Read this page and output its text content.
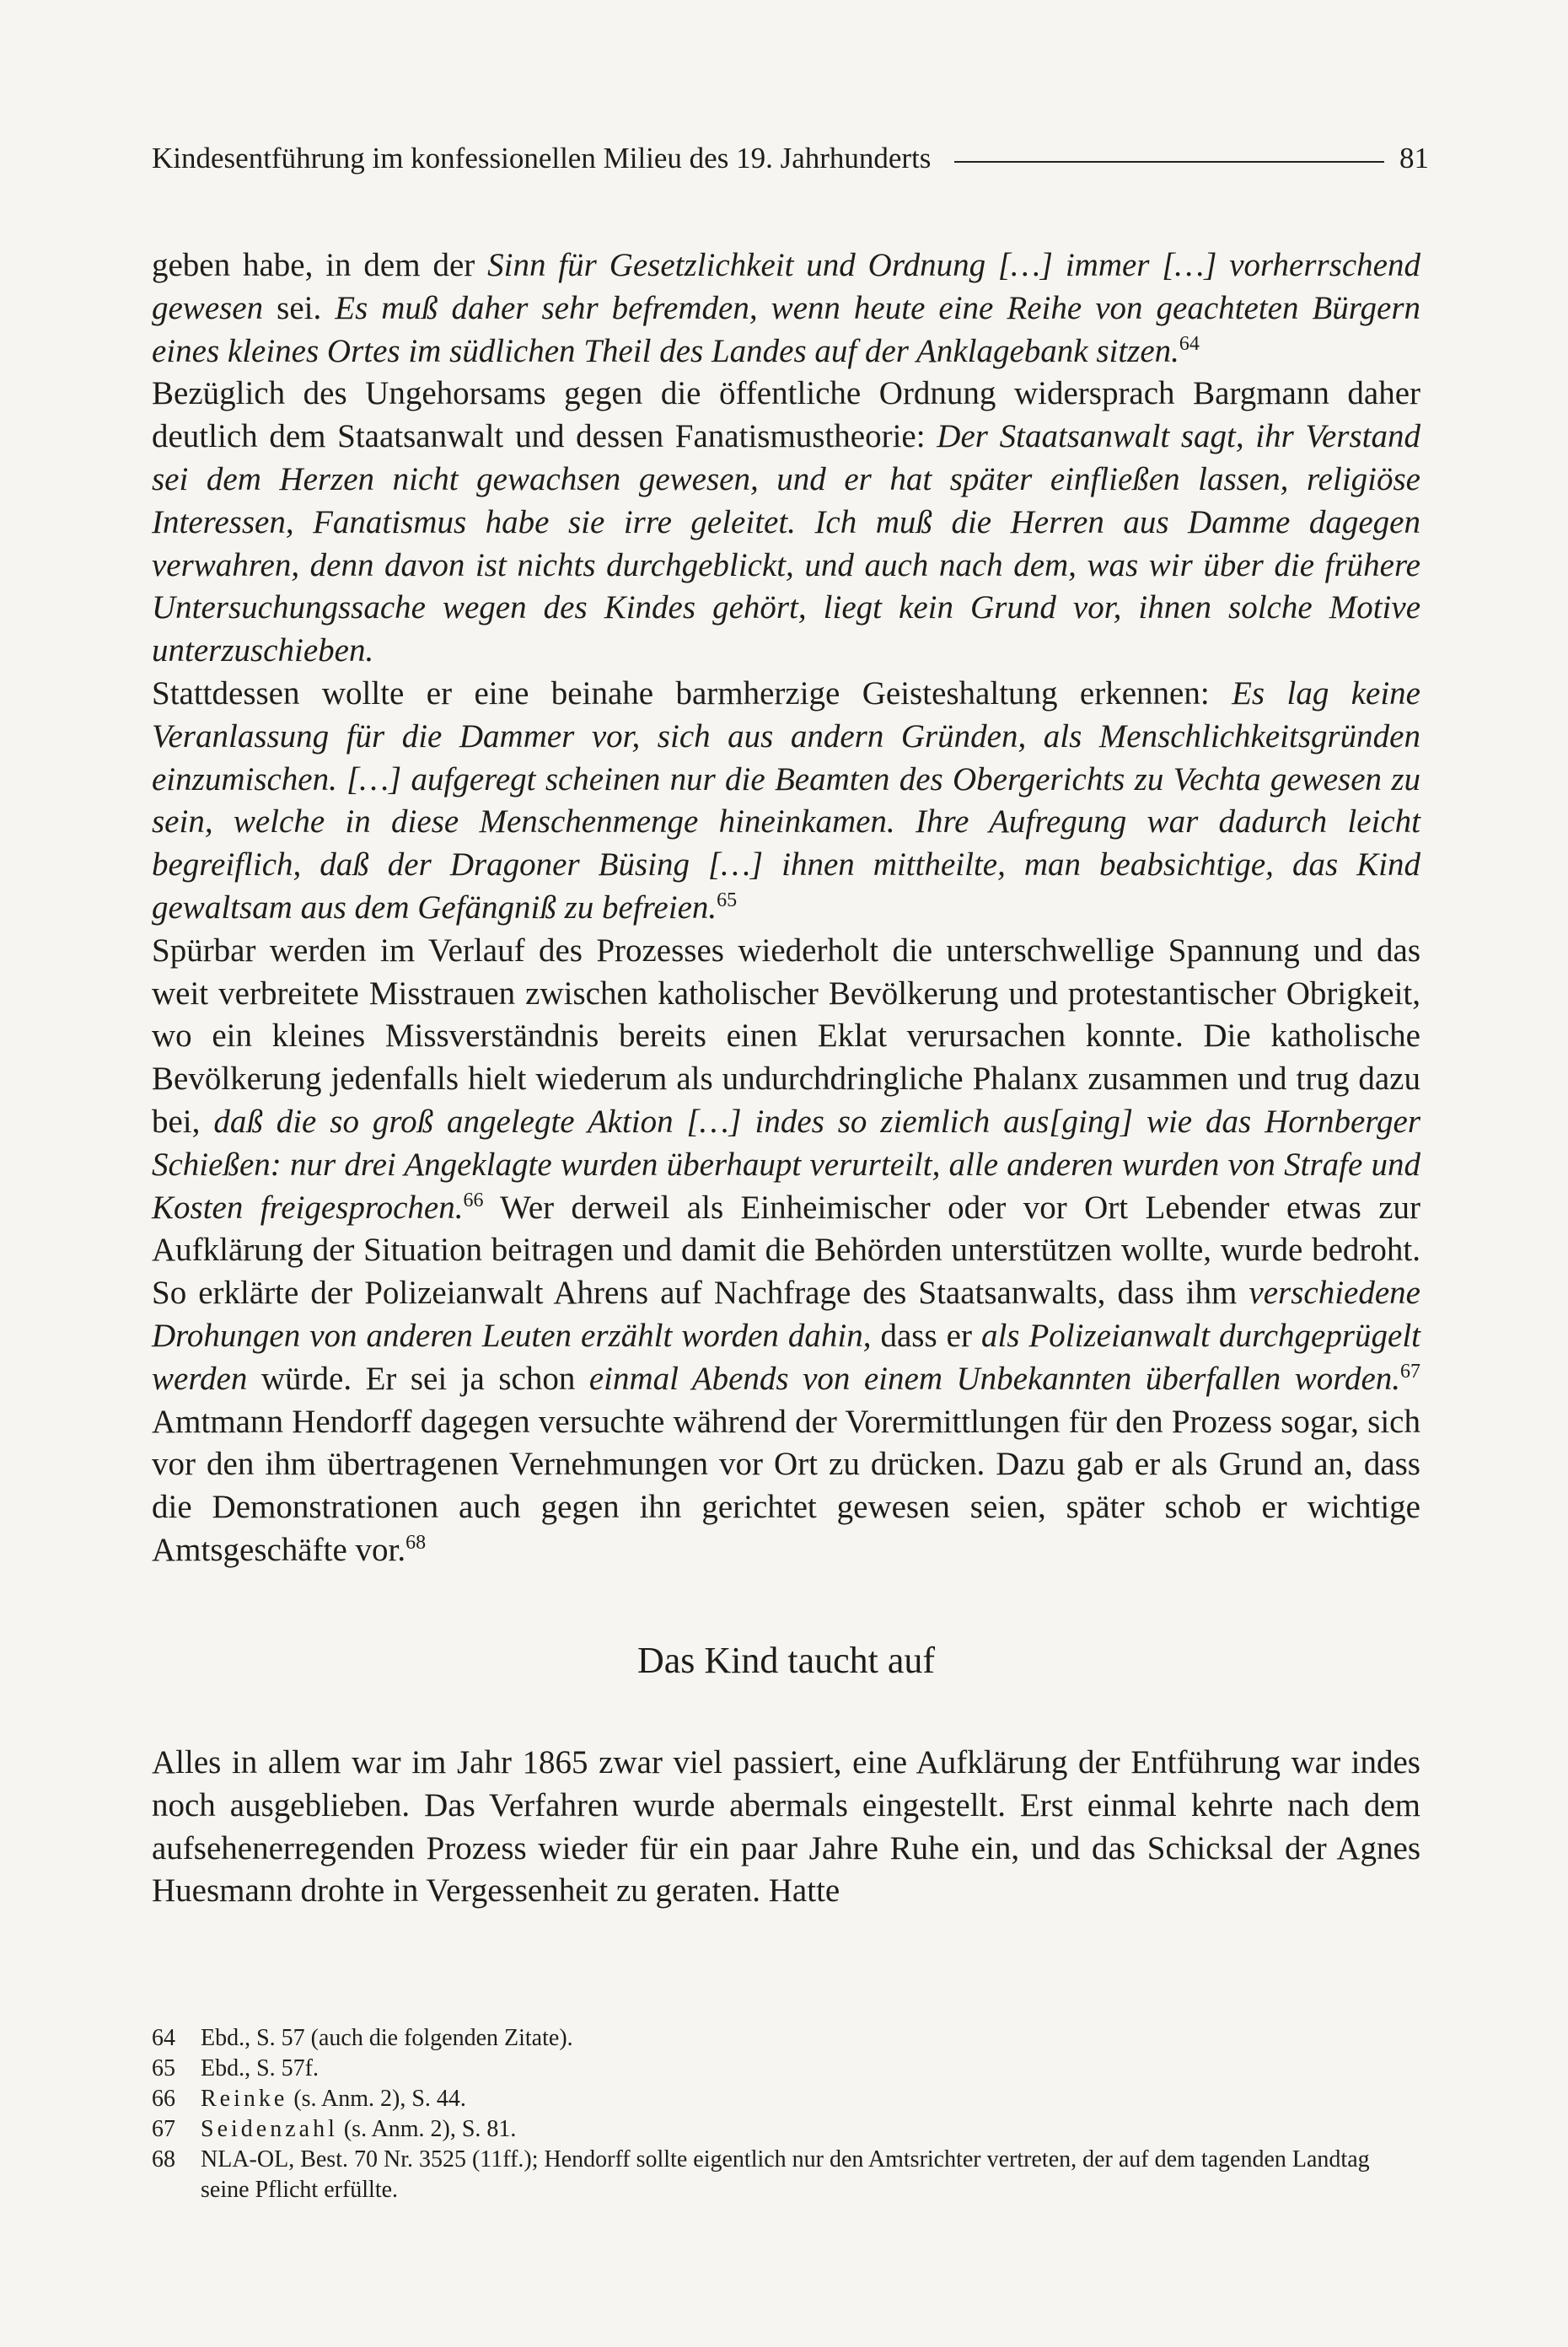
Kindesentführung im konfessionellen Milieu des 19. Jahrhunderts	81

geben habe, in dem der Sinn für Gesetzlichkeit und Ordnung […] immer […] vorherrschend gewesen sei. Es muß daher sehr befremden, wenn heute eine Reihe von geachteten Bürgern eines kleines Ortes im südlichen Theil des Landes auf der Anklagebank sitzen.$^{64}$

Bezüglich des Ungehorsams gegen die öffentliche Ordnung widersprach Bargmann daher deutlich dem Staatsanwalt und dessen Fanatismustheorie: Der Staatsanwalt sagt, ihr Verstand sei dem Herzen nicht gewachsen gewesen, und er hat später einfließen lassen, religiöse Interessen, Fanatismus habe sie irre geleitet. Ich muß die Herren aus Damme dagegen verwahren, denn davon ist nichts durchgeblickt, und auch nach dem, was wir über die frühere Untersuchungssache wegen des Kindes gehört, liegt kein Grund vor, ihnen solche Motive unterzuschieben.

Stattdessen wollte er eine beinahe barmherzige Geisteshaltung erkennen: Es lag keine Veranlassung für die Dammer vor, sich aus andern Gründen, als Menschlichkeitsgründen einzumischen. […] aufgeregt scheinen nur die Beamten des Obergerichts zu Vechta gewesen zu sein, welche in diese Menschenmenge hineinkamen. Ihre Aufregung war dadurch leicht begreiflich, daß der Dragoner Büsing […] ihnen mittheilte, man beabsichtige, das Kind gewaltsam aus dem Gefängniß zu befreien.$^{65}$

Spürbar werden im Verlauf des Prozesses wiederholt die unterschwellige Spannung und das weit verbreitete Misstrauen zwischen katholischer Bevölkerung und protestantischer Obrigkeit, wo ein kleines Missverständnis bereits einen Eklat verursachen konnte. Die katholische Bevölkerung jedenfalls hielt wiederum als undurchdringliche Phalanx zusammen und trug dazu bei, daß die so groß angelegte Aktion […] indes so ziemlich aus[ging] wie das Hornberger Schießen: nur drei Angeklagte wurden überhaupt verurteilt, alle anderen wurden von Strafe und Kosten freigesprochen.$^{66}$ Wer derweil als Einheimischer oder vor Ort Lebender etwas zur Aufklärung der Situation beitragen und damit die Behörden unterstützen wollte, wurde bedroht. So erklärte der Polizeianwalt Ahrens auf Nachfrage des Staatsanwalts, dass ihm verschiedene Drohungen von anderen Leuten erzählt worden dahin, dass er als Polizeianwalt durchgeprügelt werden würde. Er sei ja schon einmal Abends von einem Unbekannten überfallen worden.$^{67}$ Amtmann Hendorff dagegen versuchte während der Vorermittlungen für den Prozess sogar, sich vor den ihm übertragenen Vernehmungen vor Ort zu drücken. Dazu gab er als Grund an, dass die Demonstrationen auch gegen ihn gerichtet gewesen seien, später schob er wichtige Amtsgeschäfte vor.$^{68}$

Das Kind taucht auf

Alles in allem war im Jahr 1865 zwar viel passiert, eine Aufklärung der Entführung war indes noch ausgeblieben. Das Verfahren wurde abermals eingestellt. Erst einmal kehrte nach dem aufsehenerregenden Prozess wieder für ein paar Jahre Ruhe ein, und das Schicksal der Agnes Huesmann drohte in Vergessenheit zu geraten. Hatte

64	Ebd., S. 57 (auch die folgenden Zitate).
65	Ebd., S. 57f.
66	Reinke (s. Anm. 2), S. 44.
67	Seidenzahl (s. Anm. 2), S. 81.
68	NLA-OL, Best. 70 Nr. 3525 (11ff.); Hendorff sollte eigentlich nur den Amtsrichter vertreten, der auf dem tagenden Landtag seine Pflicht erfüllte.
